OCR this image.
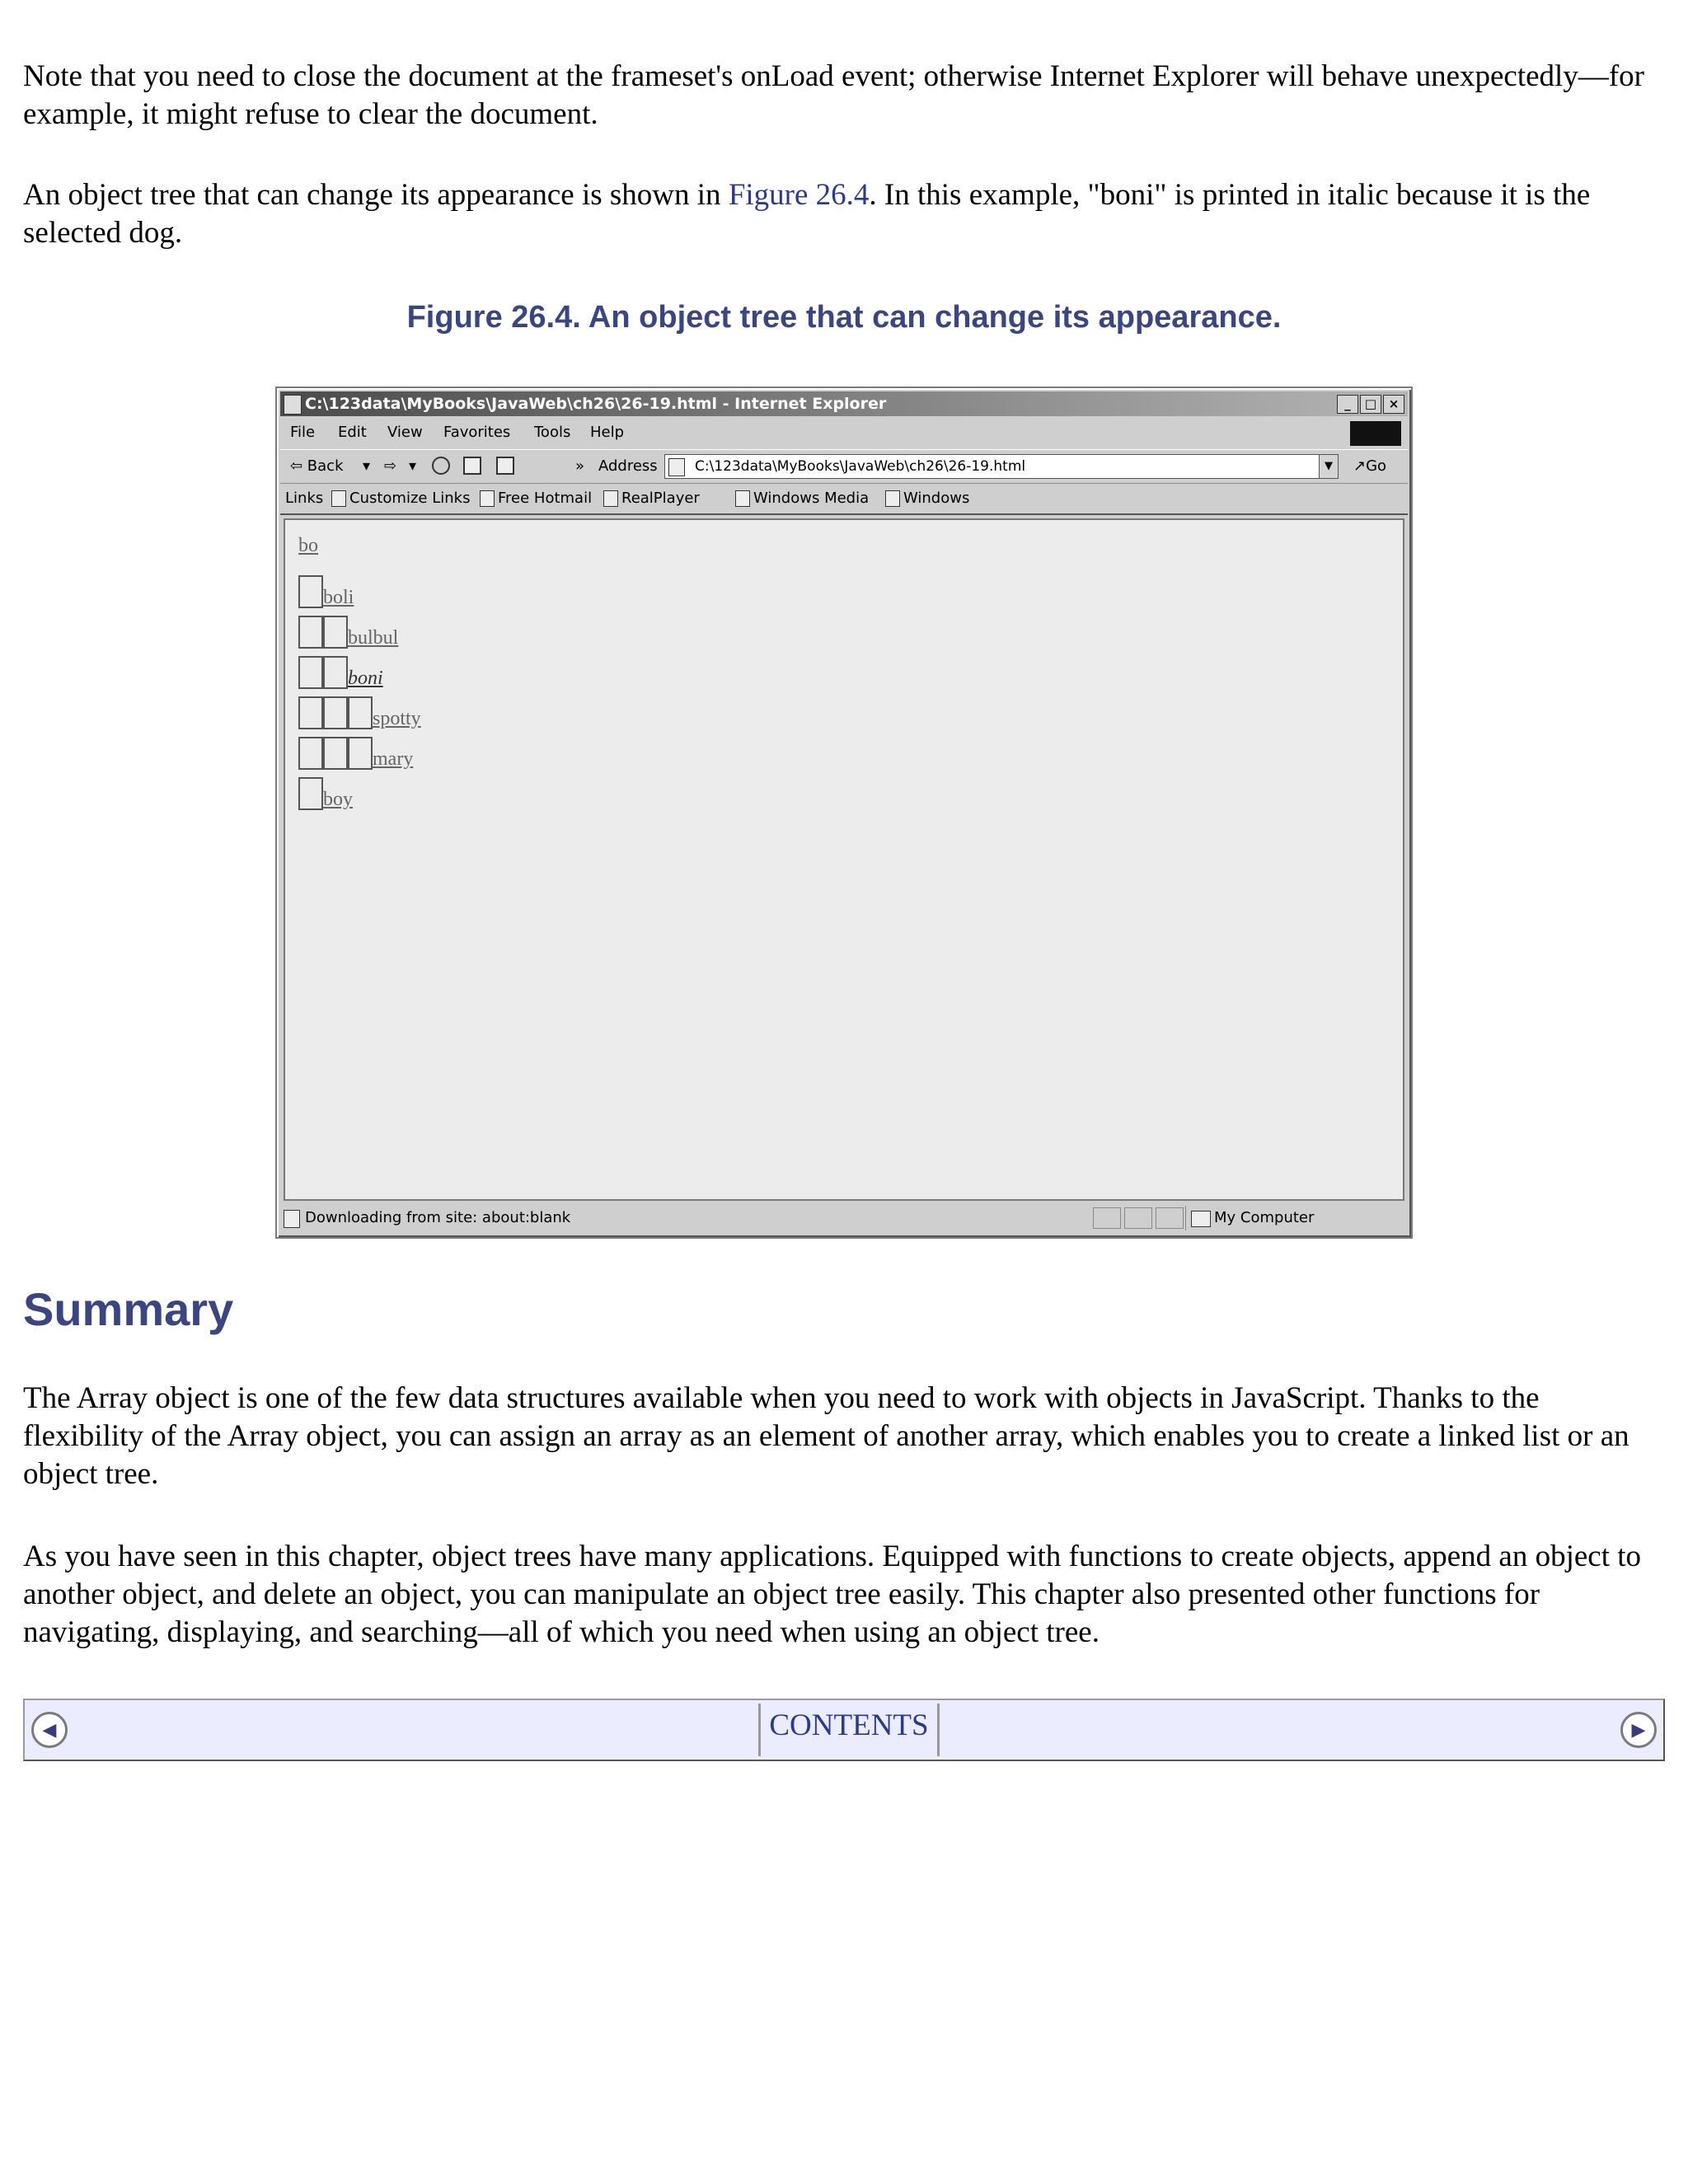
Note that you need to close the document at the frameset's onLoad event; otherwise Internet Explorer will behave unexpectedly—for example, it might refuse to clear the document.

An object tree that can change its appearance is shown in Figure 26.4. In this example, "boni" is printed in italic because it is the selected dog.

Figure 26.4. An object tree that can change its appearance.

C:\123data\MyBooks\JavaWeb\ch26\26-19.html - Internet Explorer	_	□ ×
File Edit View Favorites Tools Help
⇦ Back ▾ ⇨ ▾	» Address	C:\123data\MyBooks\JavaWeb\ch26\26-19.html	▼	↗Go
Links	Customize Links	Free Hotmail	RealPlayer	Windows Media	Windows
bo
boli
bulbul
boni
spotty
mary
boy
Downloading from site: about:blank	My Computer
Summary

The Array object is one of the few data structures available when you need to work with objects in JavaScript. Thanks to the flexibility of the Array object, you can assign an array as an element of another array, which enables you to create a linked list or an object tree.

As you have seen in this chapter, object trees have many applications. Equipped with functions to create objects, append an object to another object, and delete an object, you can manipulate an object tree easily. This chapter also presented other functions for navigating, displaying, and searching—all of which you need when using an object tree.

◀	CONTENTS	▶
